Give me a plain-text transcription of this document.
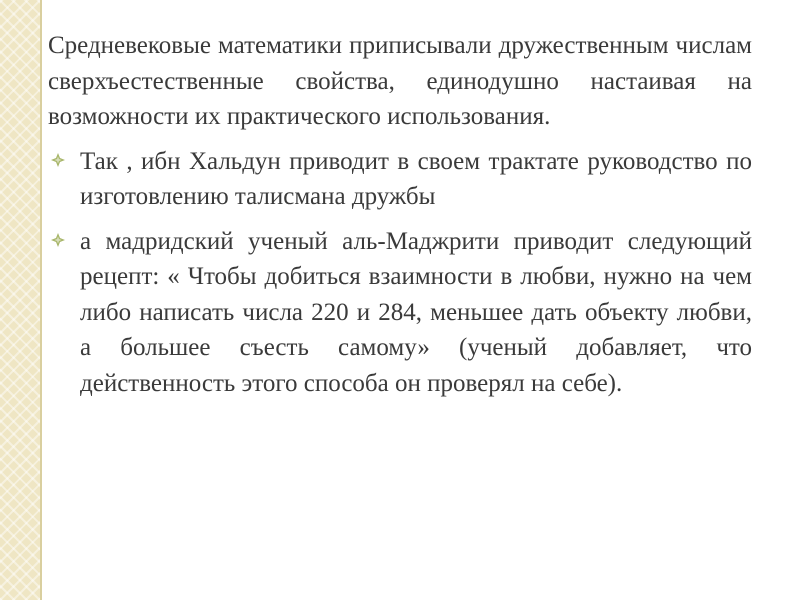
Средневековые математики приписывали дружественным числам сверхъестественные свойства, единодушно настаивая на возможности их практического использования.

Так , ибн Хальдун приводит в своем трактате руководство по изготовлению талисмана дружбы

а мадридский ученый аль-Маджрити приводит следующий рецепт: « Чтобы добиться взаимности в любви, нужно на чем либо написать числа 220 и 284, меньшее дать объекту любви, а большее съесть самому» (ученый добавляет, что действенность этого способа он проверял на себе).
